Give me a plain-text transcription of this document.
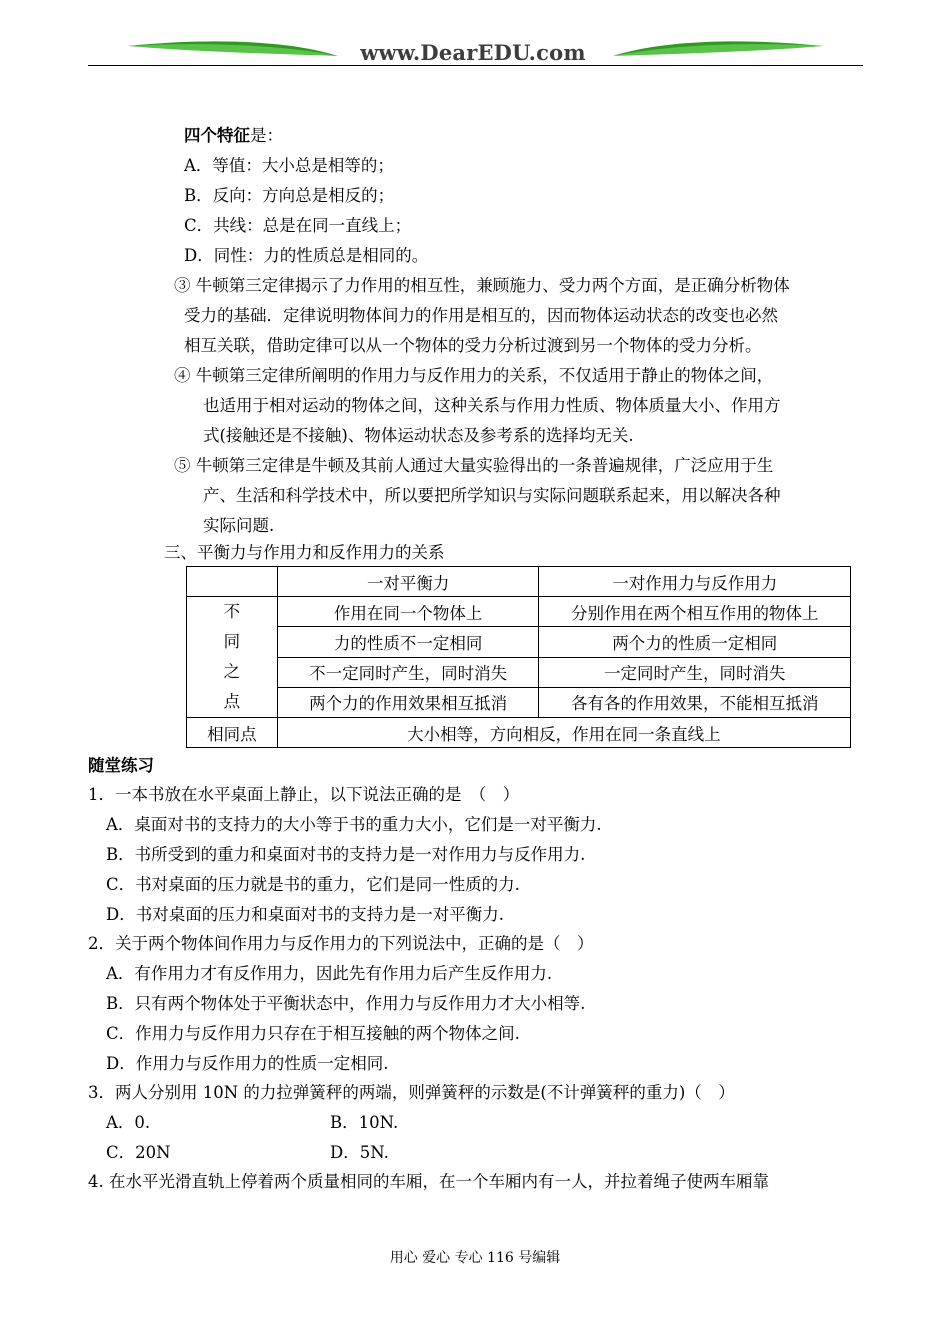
www.DearEDU.com
四个特征是：
A．等值：大小总是相等的；
B．反向：方向总是相反的；
C．共线：总是在同一直线上；
D．同性：力的性质总是相同的。
③ 牛顿第三定律揭示了力作用的相互性，兼顾施力、受力两个方面，是正确分析物体
受力的基础．定律说明物体间力的作用是相互的，因而物体运动状态的改变也必然
相互关联，借助定律可以从一个物体的受力分析过渡到另一个物体的受力分析。
④ 牛顿第三定律所阐明的作用力与反作用力的关系，不仅适用于静止的物体之间，
也适用于相对运动的物体之间，这种关系与作用力性质、物体质量大小、作用方
式(接触还是不接触)、物体运动状态及参考系的选择均无关.
⑤ 牛顿第三定律是牛顿及其前人通过大量实验得出的一条普遍规律，广泛应用于生
产、生活和科学技术中，所以要把所学知识与实际问题联系起来，用以解决各种
实际问题.
三、平衡力与作用力和反作用力的关系
	一对平衡力	一对作用力与反作用力

不
同
之
点	作用在同一个物体上	分别作用在两个相互作用的物体上
	力的性质不一定相同	两个力的性质一定相同
	不一定同时产生，同时消失	一定同时产生，同时消失
	两个力的作用效果相互抵消	各有各的作用效果，不能相互抵消
相同点	大小相等，方向相反，作用在同一条直线上	
随堂练习
1．一本书放在水平桌面上静止，以下说法正确的是　（　）
A．桌面对书的支持力的大小等于书的重力大小，它们是一对平衡力.
B．书所受到的重力和桌面对书的支持力是一对作用力与反作用力.
C．书对桌面的压力就是书的重力，它们是同一性质的力.
D．书对桌面的压力和桌面对书的支持力是一对平衡力.
2．关于两个物体间作用力与反作用力的下列说法中，正确的是（　）
A．有作用力才有反作用力，因此先有作用力后产生反作用力.
B．只有两个物体处于平衡状态中，作用力与反作用力才大小相等.
C．作用力与反作用力只存在于相互接触的两个物体之间.
D．作用力与反作用力的性质一定相同.
3．两人分别用 10N 的力拉弹簧秤的两端，则弹簧秤的示数是(不计弹簧秤的重力)（　）
A．0.	B．10N.
C．20N	D．5N.
4. 在水平光滑直轨上停着两个质量相同的车厢，在一个车厢内有一人，并拉着绳子使两车厢靠
用心 爱心 专心 116 号编辑
